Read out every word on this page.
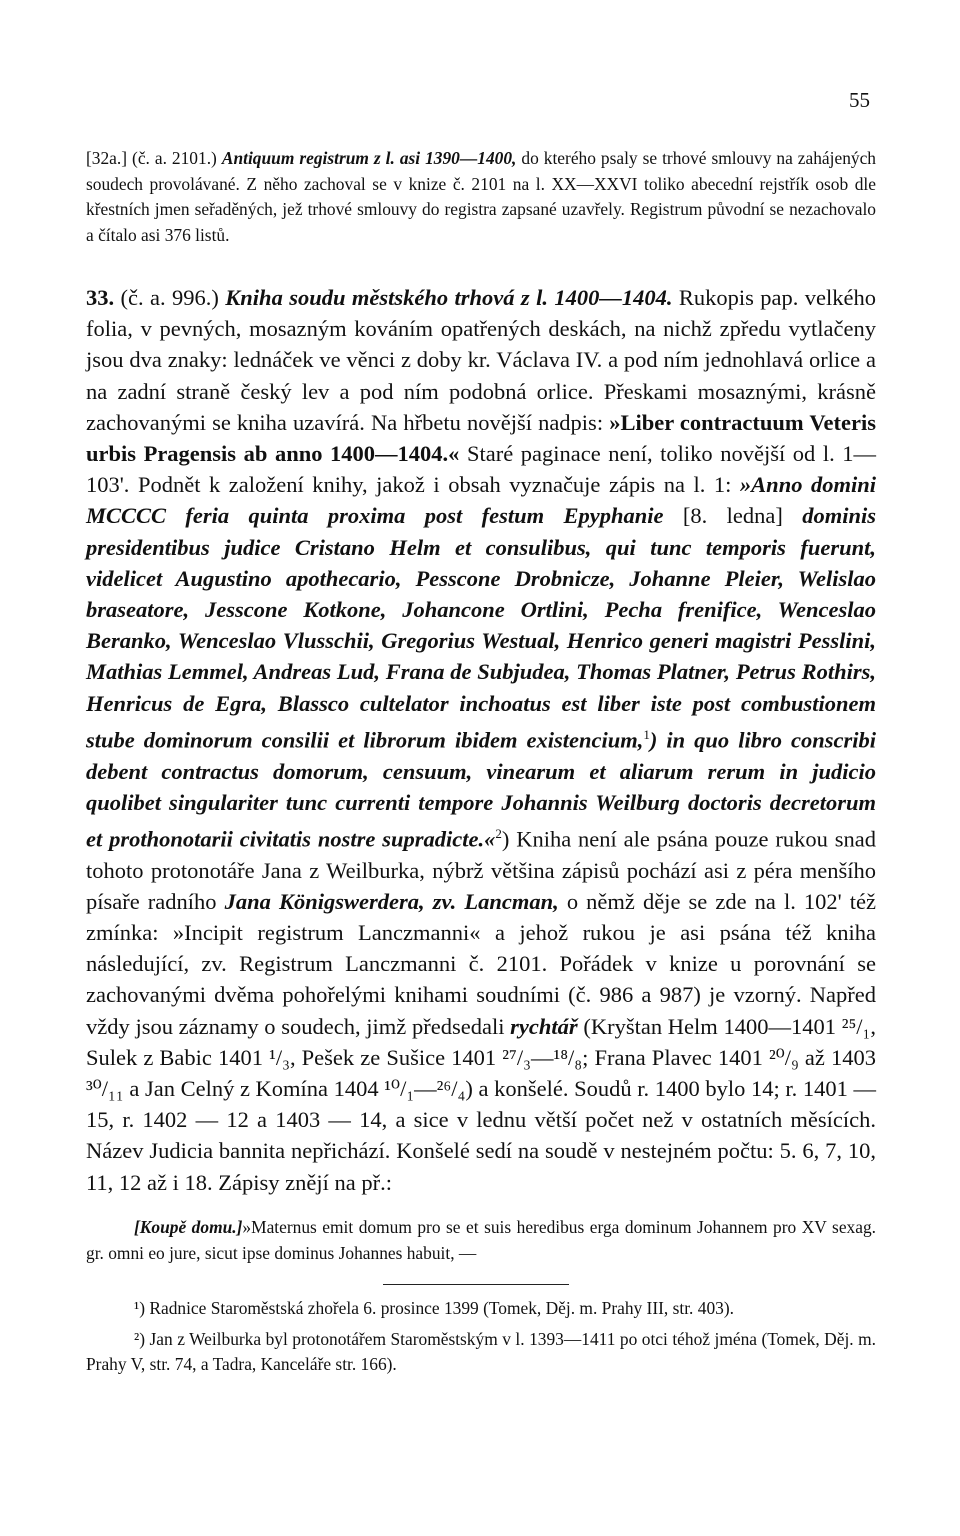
55

[32a.] (č. a. 2101.) Antiquum registrum z l. asi 1390—1400, do kterého psaly se trhové smlouvy na zahájených soudech provolávané. Z něho zachoval se v knize č. 2101 na l. XX—XXVI toliko abecední rejstřík osob dle křestních jmen seřaděných, jež trhové smlouvy do registra zapsané uzavřely. Registrum původní se nezachovalo a čítalo asi 376 listů.

33. (č. a. 996.) Kniha soudu městského trhová z l. 1400—1404. Rukopis pap. velkého folia, v pevných, mosazným kováním opatřených deskách, na nichž zpředu vytlačeny jsou dva znaky: lednáček ve věnci z doby kr. Václava IV. a pod ním jednohlavá orlice a na zadní straně český lev a pod ním podobná orlice. Přeskami mosaznými, krásně zachovanými se kniha uzavírá. Na hřbetu novější nadpis: »Liber contractuum Veteris urbis Pragensis ab anno 1400—1404.« Staré paginace není, toliko novější od l. 1—103'. Podnět k založení knihy, jakož i obsah vyznačuje zápis na l. 1: »Anno domini MCCCC feria quinta proxima post festum Epyphanie [8. ledna] dominis presidentibus judice Cristano Helm et consulibus, qui tunc temporis fuerunt, videlicet Augustino apothecario, Pesscone Drobnicze, Johanne Pleier, Welislao braseatore, Jesscone Kotkone, Johancone Ortlini, Pecha frenifice, Wenceslao Beranko, Wenceslao Vlusschii, Gregorius Westual, Henrico generi magistri Pesslini, Mathias Lemmel, Andreas Lud, Frana de Subjudea, Thomas Platner, Petrus Rothirs, Henricus de Egra, Blassco cultelator inchoatus est liber iste post combustionem stube dominorum consilii et librorum ibidem existencium,$^1$) in quo libro conscribi debent contractus domorum, censuum, vinearum et aliarum rerum in judicio quolibet singulariter tunc currenti tempore Johannis Weilburg doctoris decretorum et prothonotarii civitatis nostre supradicte.«$^2$) Kniha není ale psána pouze rukou snad tohoto protonotáře Jana z Weilburka, nýbrž většina zápisů pochází asi z péra menšího písaře radního Jana Königswerdera, zv. Lancman, o němž děje se zde na l. 102' též zmínka: »Incipit registrum Lanczmanni« a jehož rukou je asi psána též kniha následující, zv. Registrum Lanczmanni č. 2101. Pořádek v knize u porovnání se zachovanými dvěma pohořelými knihami soudními (č. 986 a 987) je vzorný. Napřed vždy jsou záznamy o soudech, jimž předsedali rychtář (Kryštan Helm 1400—1401 ²⁵/₁, Sulek z Babic 1401 ¹/₃, Pešek ze Sušice 1401 ²⁷/₃—¹⁸/₈; Frana Plavec 1401 ²⁰/₉ až 1403 ³⁰/₁₁ a Jan Celný z Komína 1404 ¹⁰/₁—²⁶/₄) a konšelé. Soudů r. 1400 bylo 14; r. 1401 — 15, r. 1402 — 12 a 1403 — 14, a sice v lednu větší počet než v ostatních měsících. Název Judicia bannita nepřichází. Konšelé sedí na soudě v nestejném počtu: 5. 6, 7, 10, 11, 12 až i 18. Zápisy znějí na př.:

[Koupě domu.]»Maternus emit domum pro se et suis heredibus erga dominum Johannem pro XV sexag. gr. omni eo jure, sicut ipse dominus Johannes habuit, —

¹) Radnice Staroměstská zhořela 6. prosince 1399 (Tomek, Děj. m. Prahy III, str. 403).

²) Jan z Weilburka byl protonotářem Staroměstským v l. 1393—1411 po otci téhož jména (Tomek, Děj. m. Prahy V, str. 74, a Tadra, Kanceláře str. 166).
